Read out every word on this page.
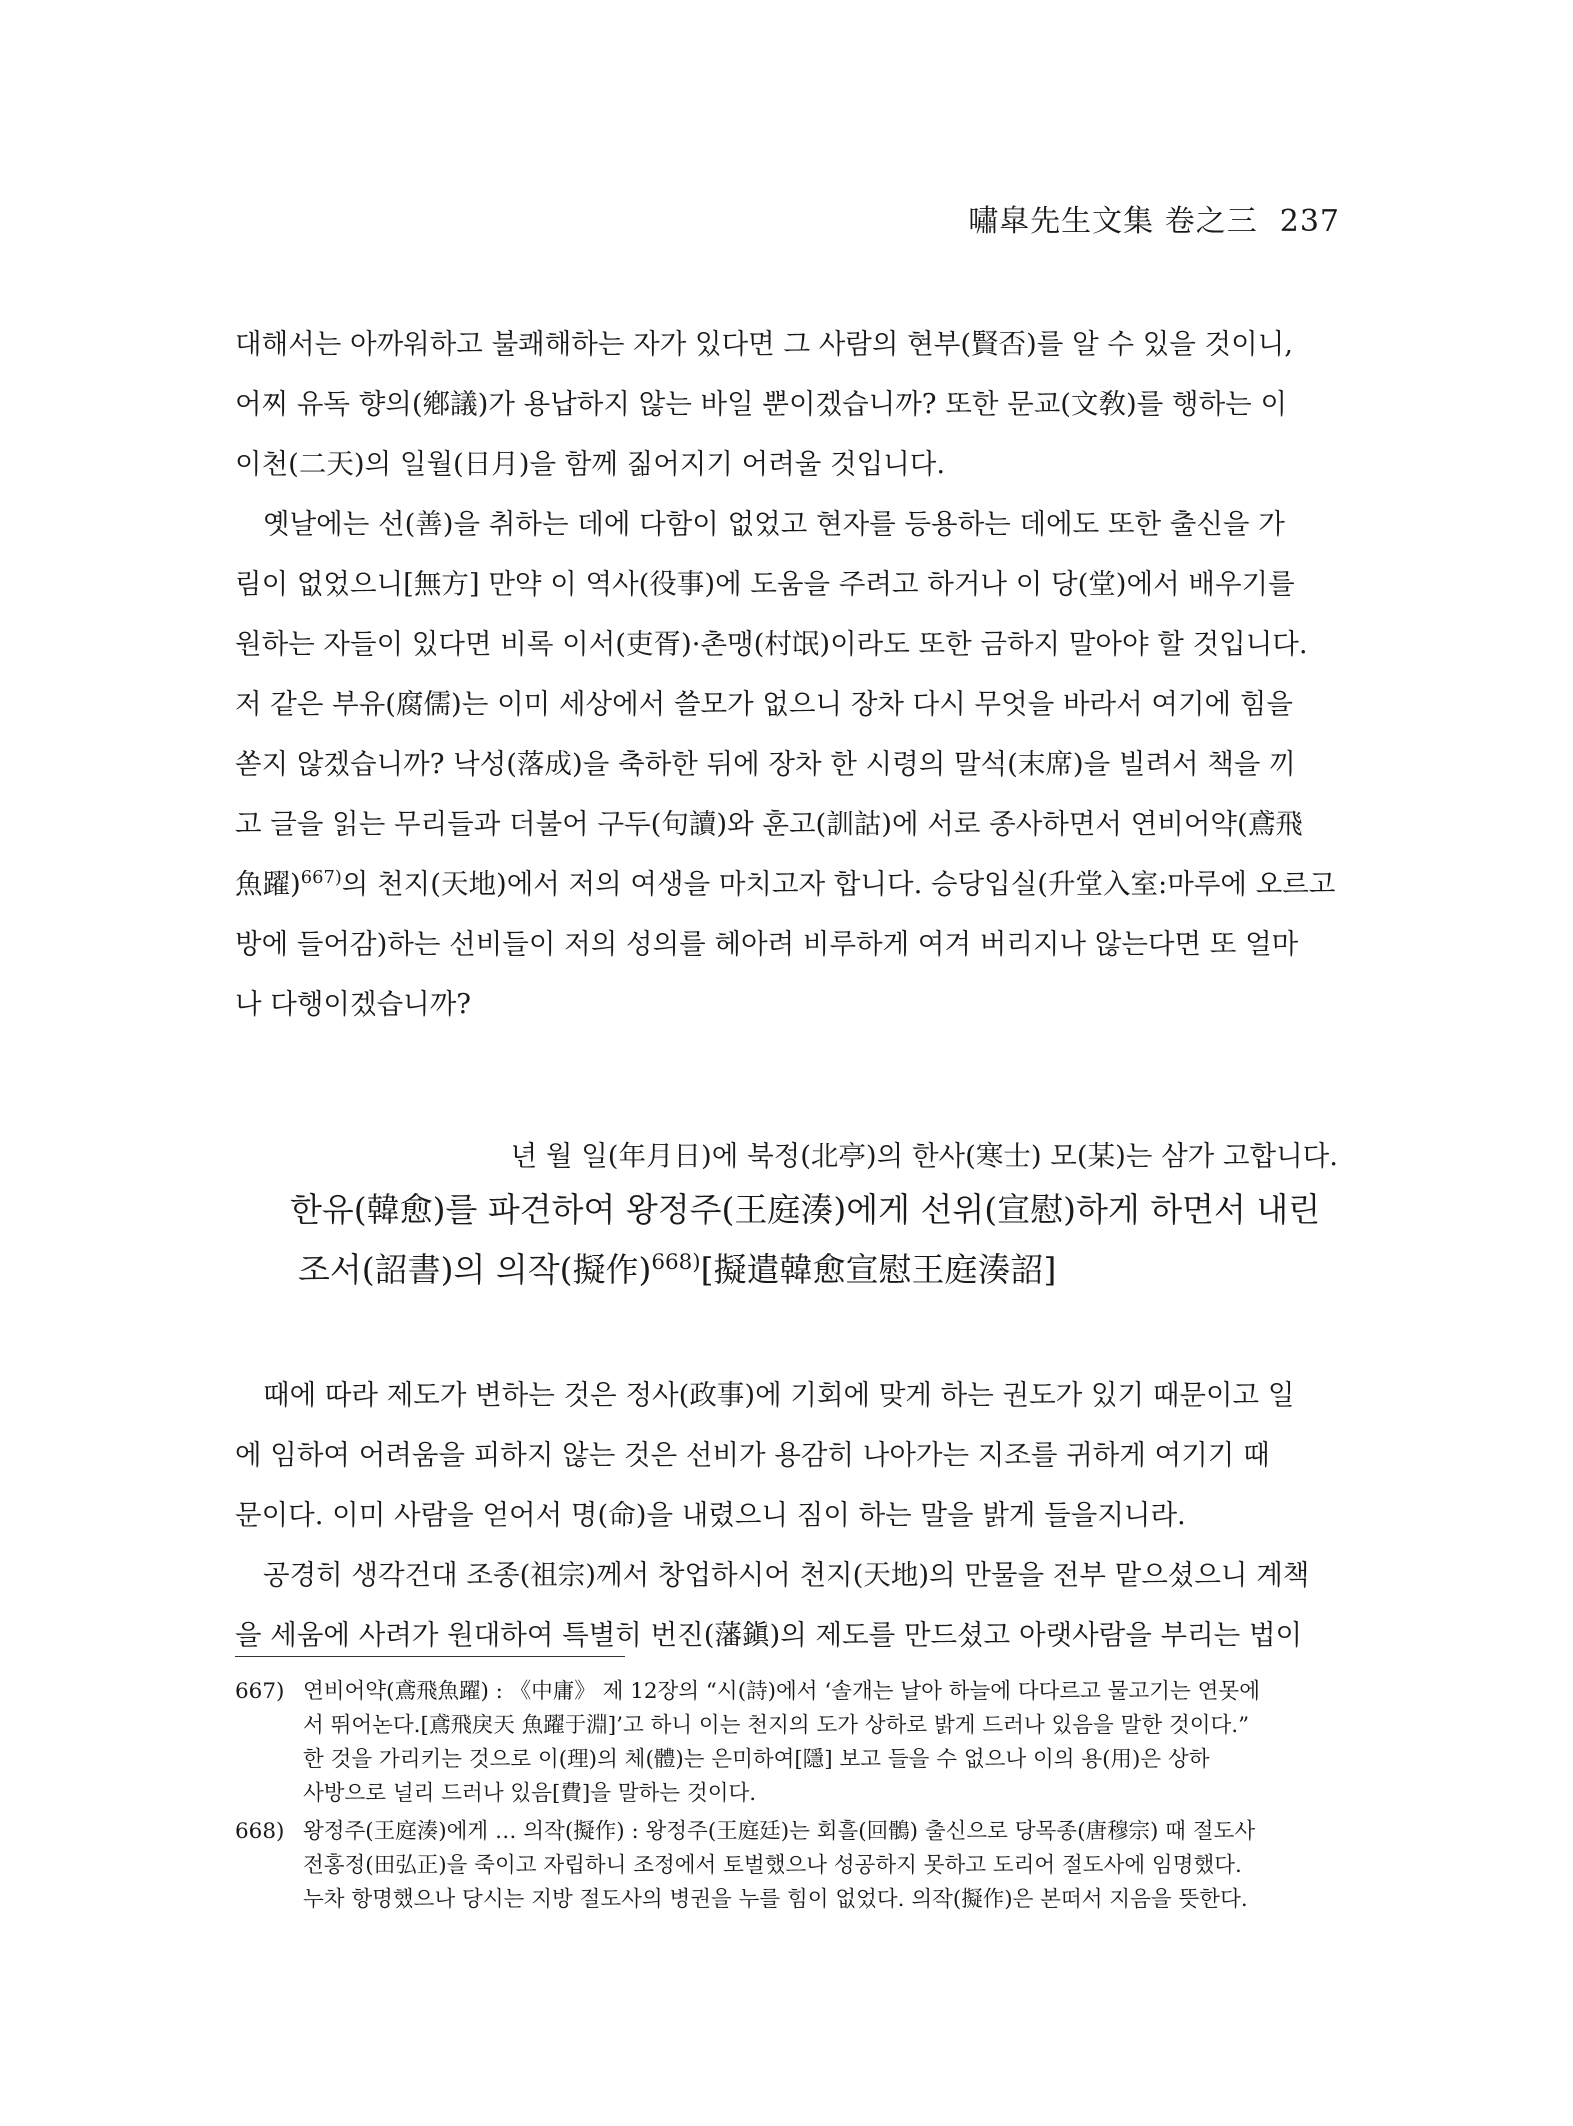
嘯皐先生文集 卷之三 237

대해서는 아까워하고 불쾌해하는 자가 있다면 그 사람의 현부(賢否)를 알 수 있을 것이니,
어찌 유독 향의(鄕議)가 용납하지 않는 바일 뿐이겠습니까? 또한 문교(文敎)를 행하는 이
이천(二天)의 일월(日月)을 함께 짊어지기 어려울 것입니다.

옛날에는 선(善)을 취하는 데에 다함이 없었고 현자를 등용하는 데에도 또한 출신을 가
림이 없었으니[無方] 만약 이 역사(役事)에 도움을 주려고 하거나 이 당(堂)에서 배우기를
원하는 자들이 있다면 비록 이서(吏胥)·촌맹(村氓)이라도 또한 금하지 말아야 할 것입니다.
저 같은 부유(腐儒)는 이미 세상에서 쓸모가 없으니 장차 다시 무엇을 바라서 여기에 힘을
쏟지 않겠습니까? 낙성(落成)을 축하한 뒤에 장차 한 시령의 말석(末席)을 빌려서 책을 끼
고 글을 읽는 무리들과 더불어 구두(句讀)와 훈고(訓詁)에 서로 종사하면서 연비어약(鳶飛
魚躍)$^{667)}$의 천지(天地)에서 저의 여생을 마치고자 합니다. 승당입실(升堂入室:마루에 오르고
방에 들어감)하는 선비들이 저의 성의를 헤아려 비루하게 여겨 버리지나 않는다면 또 얼마
나 다행이겠습니까?

년 월 일(年月日)에 북정(北亭)의 한사(寒士) 모(某)는 삼가 고합니다.
한유(韓愈)를 파견하여 왕정주(王庭湊)에게 선위(宣慰)하게 하면서 내린
조서(詔書)의 의작(擬作)$^{668)}$[擬遣韓愈宣慰王庭湊詔]

때에 따라 제도가 변하는 것은 정사(政事)에 기회에 맞게 하는 권도가 있기 때문이고 일
에 임하여 어려움을 피하지 않는 것은 선비가 용감히 나아가는 지조를 귀하게 여기기 때
문이다. 이미 사람을 얻어서 명(命)을 내렸으니 짐이 하는 말을 밝게 들을지니라.

공경히 생각건대 조종(祖宗)께서 창업하시어 천지(天地)의 만물을 전부 맡으셨으니 계책
을 세움에 사려가 원대하여 특별히 번진(藩鎭)의 제도를 만드셨고 아랫사람을 부리는 법이

667) 연비어약(鳶飛魚躍) : 《中庸》 제 12장의 “시(詩)에서 ‘솔개는 날아 하늘에 다다르고 물고기는 연못에
서 뛰어논다.[鳶飛戾天 魚躍于淵]’고 하니 이는 천지의 도가 상하로 밝게 드러나 있음을 말한 것이다.”
한 것을 가리키는 것으로 이(理)의 체(體)는 은미하여[隱] 보고 들을 수 없으나 이의 용(用)은 상하
사방으로 널리 드러나 있음[費]을 말하는 것이다.
668) 왕정주(王庭湊)에게 … 의작(擬作) : 왕정주(王庭廷)는 회흘(回鶻) 출신으로 당목종(唐穆宗) 때 절도사
전홍정(田弘正)을 죽이고 자립하니 조정에서 토벌했으나 성공하지 못하고 도리어 절도사에 임명했다.
누차 항명했으나 당시는 지방 절도사의 병권을 누를 힘이 없었다. 의작(擬作)은 본떠서 지음을 뜻한다.
